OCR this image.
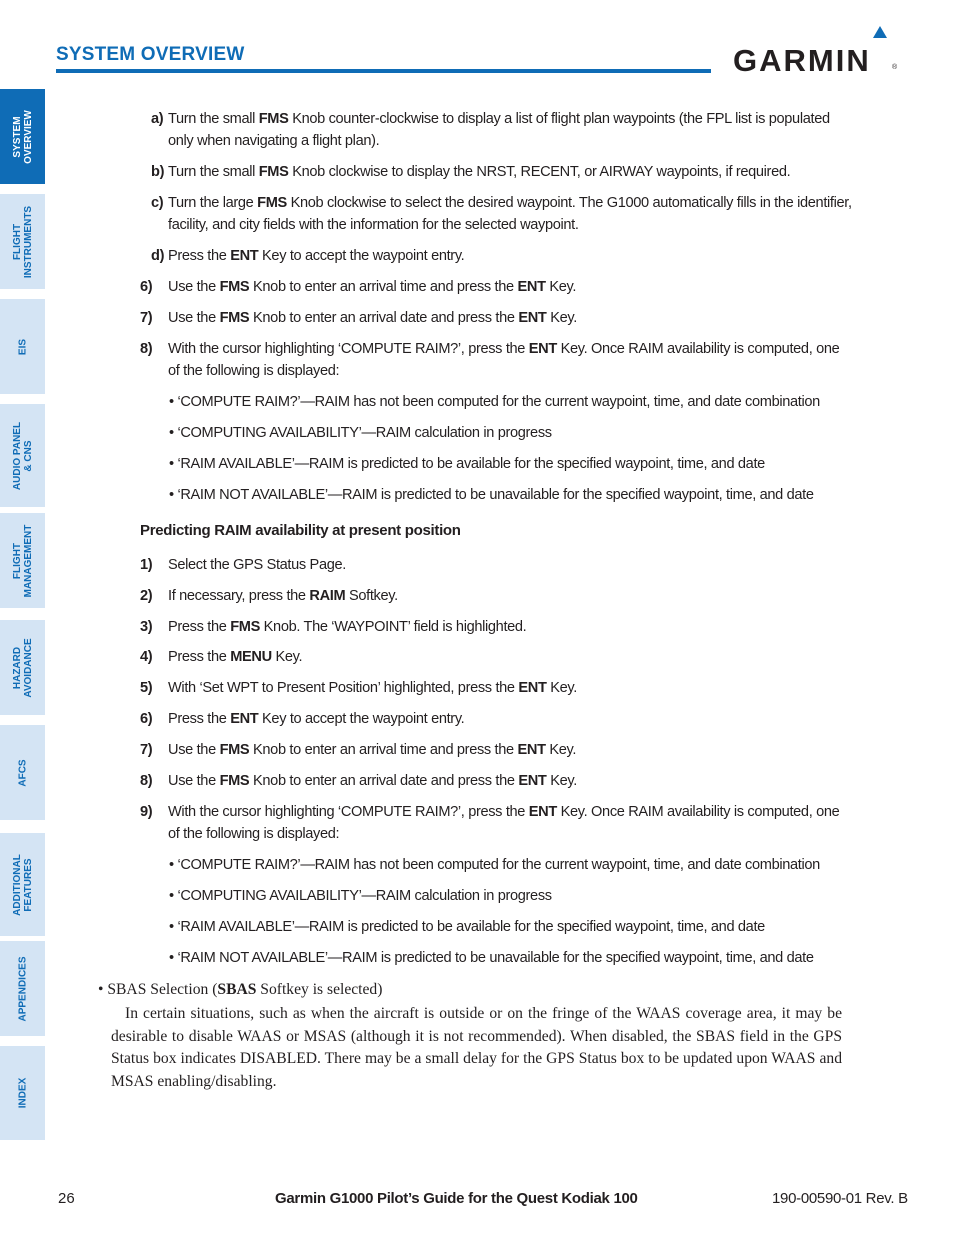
SYSTEM OVERVIEW	GARMIN	®
SYSTEM
OVERVIEW
FLIGHT
INSTRUMENTS
EIS
AUDIO PANEL
& CNS
FLIGHT
MANAGEMENT
HAZARD
AVOIDANCE
AFCS
ADDITIONAL
FEATURES
APPENDICES
INDEX
a) Turn the small FMS Knob counter-clockwise to display a list of flight plan waypoints (the FPL list is populated
only when navigating a flight plan).
b) Turn the small FMS Knob clockwise to display the NRST, RECENT, or AIRWAY waypoints, if required.
c) Turn the large FMS Knob clockwise to select the desired waypoint. The G1000 automatically fills in the identifier,
facility, and city fields with the information for the selected waypoint.
d) Press the ENT Key to accept the waypoint entry.
6) Use the FMS Knob to enter an arrival time and press the ENT Key.
7) Use the FMS Knob to enter an arrival date and press the ENT Key.
8) With the cursor highlighting ‘COMPUTE RAIM?’, press the ENT Key. Once RAIM availability is computed, one
of the following is displayed:
• ‘COMPUTE RAIM?’—RAIM has not been computed for the current waypoint, time, and date combination
• ‘COMPUTING AVAILABILITY’—RAIM calculation in progress
• ‘RAIM AVAILABLE’—RAIM is predicted to be available for the specified waypoint, time, and date
• ‘RAIM NOT AVAILABLE’—RAIM is predicted to be unavailable for the specified waypoint, time, and date
Predicting RAIM availability at present position
1) Select the GPS Status Page.
2) If necessary, press the RAIM Softkey.
3) Press the FMS Knob. The ‘WAYPOINT’ field is highlighted.
4) Press the MENU Key.
5) With ‘Set WPT to Present Position’ highlighted, press the ENT Key.
6) Press the ENT Key to accept the waypoint entry.
7) Use the FMS Knob to enter an arrival time and press the ENT Key.
8) Use the FMS Knob to enter an arrival date and press the ENT Key.
9) With the cursor highlighting ‘COMPUTE RAIM?’, press the ENT Key. Once RAIM availability is computed, one
of the following is displayed:
• ‘COMPUTE RAIM?’—RAIM has not been computed for the current waypoint, time, and date combination
• ‘COMPUTING AVAILABILITY’—RAIM calculation in progress
• ‘RAIM AVAILABLE’—RAIM is predicted to be available for the specified waypoint, time, and date
• ‘RAIM NOT AVAILABLE’—RAIM is predicted to be unavailable for the specified waypoint, time, and date
• SBAS Selection (SBAS Softkey is selected)
In certain situations, such as when the aircraft is outside or on the fringe of the WAAS coverage area, it may be desirable to disable WAAS or MSAS (although it is not recommended). When disabled, the SBAS field in the GPS Status box indicates DISABLED. There may be a small delay for the GPS Status box to be updated upon WAAS and MSAS enabling/disabling.
26	Garmin G1000 Pilot’s Guide for the Quest Kodiak 100	190-00590-01 Rev. B
